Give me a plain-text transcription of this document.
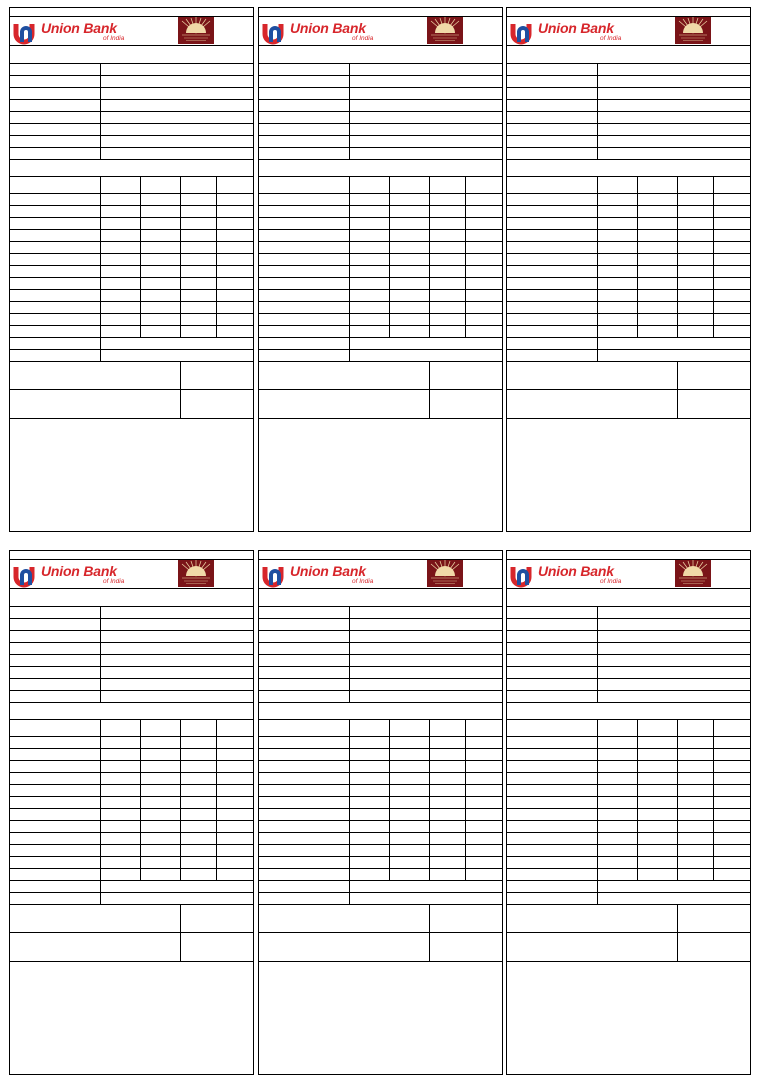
Union Bank
of India
Union Bank
of India
Union Bank
of India
Union Bank
of India
Union Bank
of India
Union Bank
of India
